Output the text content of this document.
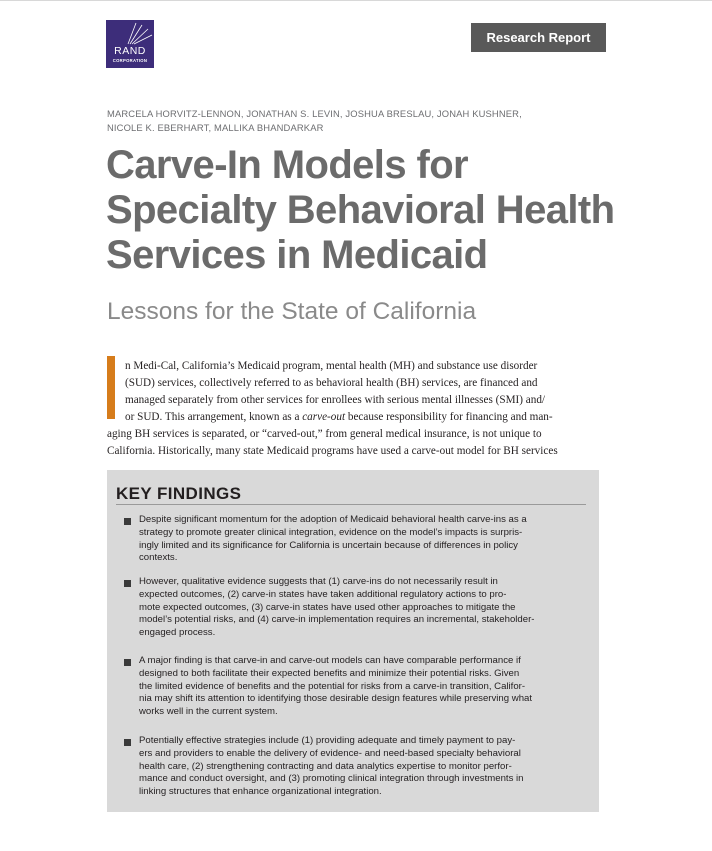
RAND
CORPORATION
Research Report
MARCELA HORVITZ-LENNON, JONATHAN S. LEVIN, JOSHUA BRESLAU, JONAH KUSHNER,
NICOLE K. EBERHART, MALLIKA BHANDARKAR
Carve-In Models for
Specialty Behavioral Health
Services in Medicaid
Lessons for the State of California
n Medi-Cal, California’s Medicaid program, mental health (MH) and substance use disorder
(SUD) services, collectively referred to as behavioral health (BH) services, are financed and
managed separately from other services for enrollees with serious mental illnesses (SMI) and/
or SUD. This arrangement, known as a carve-out because responsibility for financing and man-
aging BH services is separated, or “carved-out,” from general medical insurance, is not unique to
California. Historically, many state Medicaid programs have used a carve-out model for BH services
KEY FINDINGS
Despite significant momentum for the adoption of Medicaid behavioral health carve-ins as a
strategy to promote greater clinical integration, evidence on the model’s impacts is surpris-
ingly limited and its significance for California is uncertain because of differences in policy
contexts.
However, qualitative evidence suggests that (1) carve-ins do not necessarily result in
expected outcomes, (2) carve-in states have taken additional regulatory actions to pro-
mote expected outcomes, (3) carve-in states have used other approaches to mitigate the
model’s potential risks, and (4) carve-in implementation requires an incremental, stakeholder-
engaged process.
A major finding is that carve-in and carve-out models can have comparable performance if
designed to both facilitate their expected benefits and minimize their potential risks. Given
the limited evidence of benefits and the potential for risks from a carve-in transition, Califor-
nia may shift its attention to identifying those desirable design features while preserving what
works well in the current system.
Potentially effective strategies include (1) providing adequate and timely payment to pay-
ers and providers to enable the delivery of evidence- and need-based specialty behavioral
health care, (2) strengthening contracting and data analytics expertise to monitor perfor-
mance and conduct oversight, and (3) promoting clinical integration through investments in
linking structures that enhance organizational integration.
